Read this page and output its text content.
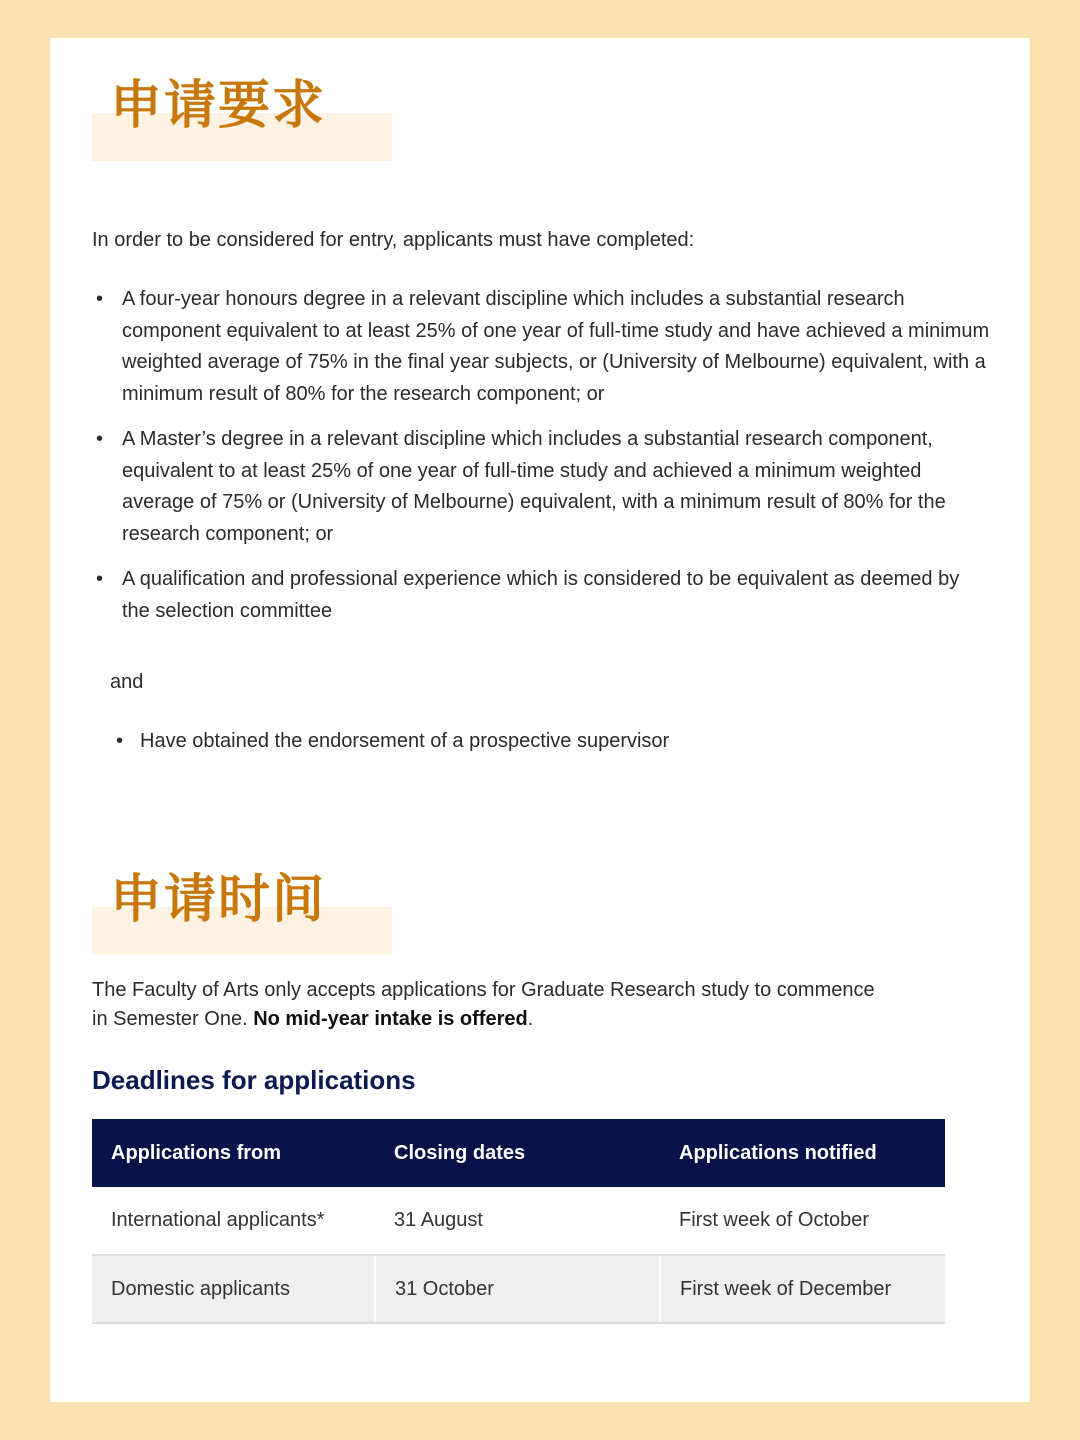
申请要求

In order to be considered for entry, applicants must have completed:

• A four-year honours degree in a relevant discipline which includes a substantial research component equivalent to at least 25% of one year of full-time study and have achieved a minimum weighted average of 75% in the final year subjects, or (University of Melbourne) equivalent, with a minimum result of 80% for the research component; or
• A Master’s degree in a relevant discipline which includes a substantial research component, equivalent to at least 25% of one year of full-time study and achieved a minimum weighted average of 75% or (University of Melbourne) equivalent, with a minimum result of 80% for the research component; or
• A qualification and professional experience which is considered to be equivalent as deemed by the selection committee

and

• Have obtained the endorsement of a prospective supervisor
申请时间

The Faculty of Arts only accepts applications for Graduate Research study to commence in Semester One. No mid-year intake is offered.

Deadlines for applications
Applications from	Closing dates	Applications notified
International applicants*	31 August	First week of October
Domestic applicants	31 October	First week of December
